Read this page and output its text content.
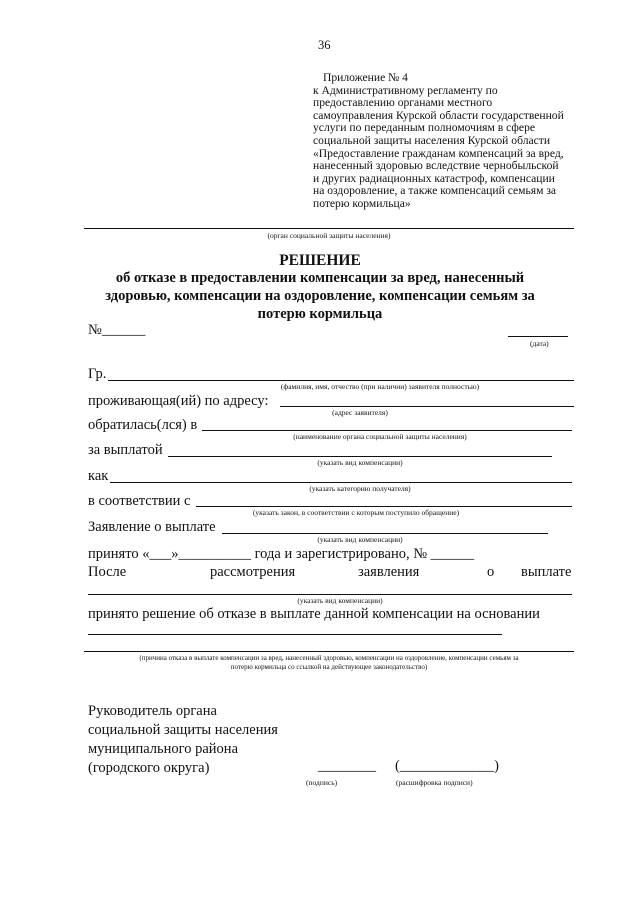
36
Приложение № 4
к Административному регламенту по
предоставлению органами местного
самоуправления Курской области государственной
услуги по переданным полномочиям в сфере
социальной защиты населения Курской области
«Предоставление гражданам компенсаций за вред,
нанесенный здоровью вследствие чернобыльской
и других радиационных катастроф, компенсации
на оздоровление, а также компенсаций семьям за
потерю кормильца»
(орган социальной защиты населения)
РЕШЕНИЕ
об отказе в предоставлении компенсации за вред, нанесенный
здоровью, компенсации на оздоровление, компенсации семьям за
потерю кормильца
№______
(дата)
Гр.
(фамилия, имя, отчество (при наличии) заявителя полностью)
проживающая(ий) по адресу:
(адрес заявителя)
обратилась(лся) в
(наименование органа социальной защиты населения)
за выплатой
(указать вид компенсации)
как
(указать категорию получателя)
в соответствии с
(указать закон, в соответствии с которым поступило обращение)
Заявление о выплате
(указать вид компенсации)
принято «___»__________ года и зарегистрировано, № ______
После	рассмотрения	заявления	о выплате
(указать вид компенсации)
принято решение об отказе в выплате данной компенсации на основании
(причина отказа в выплате компенсации за вред, нанесенный здоровью, компенсации на оздоровление, компенсации семьям за
потерю кормильца со ссылкой на действующее законодательство)
Руководитель органа
социальной защиты населения
муниципального района
(городского округа)	________ (_____________)
(подпись)	(расшифровка подписи)
